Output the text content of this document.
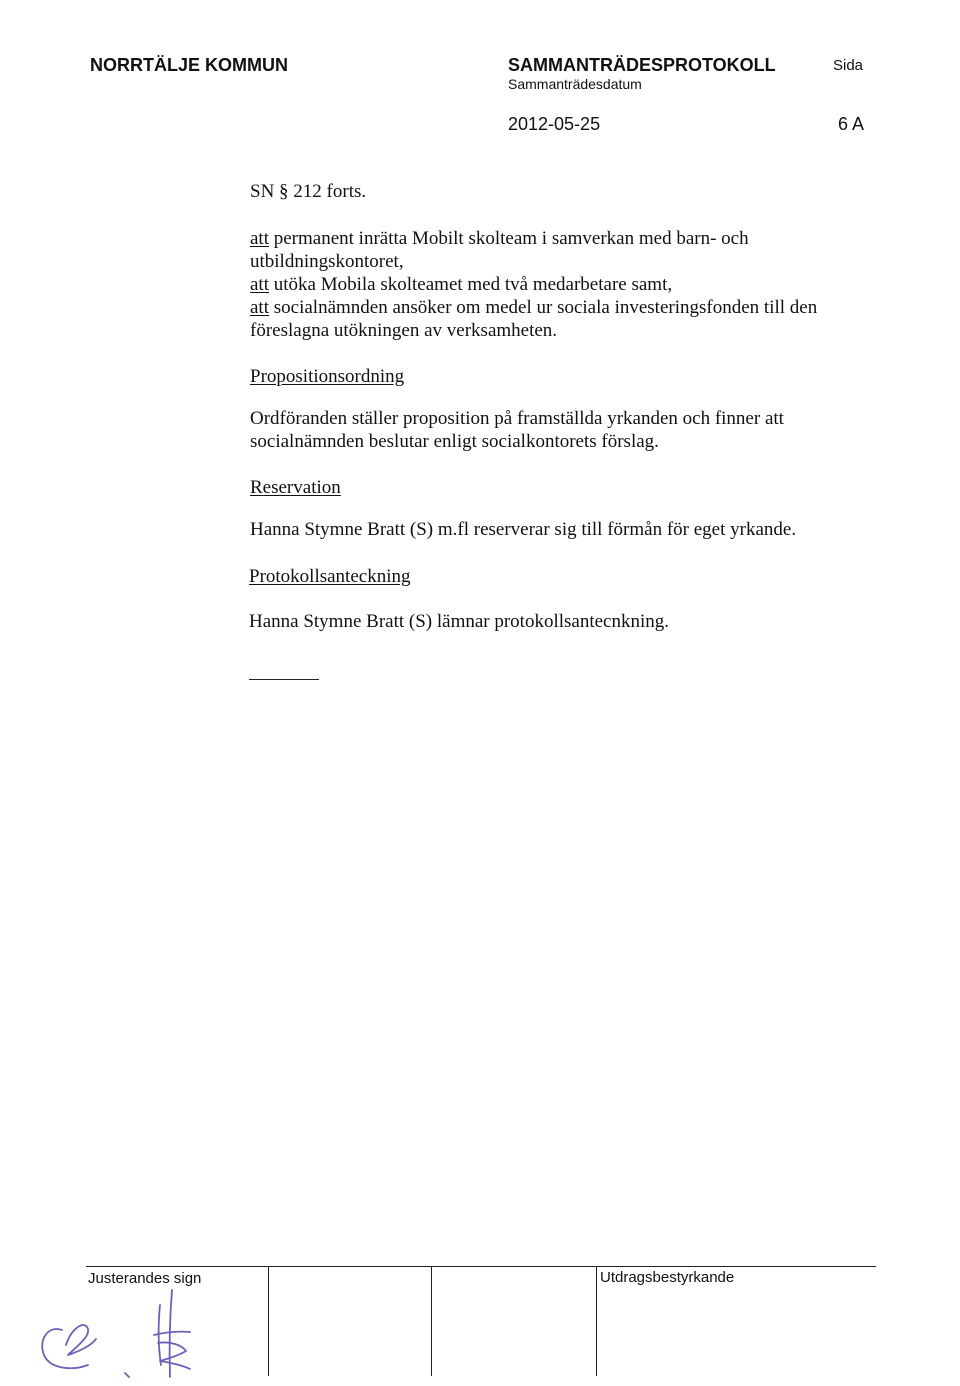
NORRTÄLJE KOMMUN	SAMMANTRÄDESPROTOKOLL	Sida
Sammanträdesdatum
2012-05-25	6 A
SN § 212 forts.
att permanent inrätta Mobilt skolteam i samverkan med barn- och
utbildningskontoret,
att utöka Mobila skolteamet med två medarbetare samt,
att socialnämnden ansöker om medel ur sociala investeringsfonden till den
föreslagna utökningen av verksamheten.
Propositionsordning
Ordföranden ställer proposition på framställda yrkanden och finner att
socialnämnden beslutar enligt socialkontorets förslag.
Reservation
Hanna Stymne Bratt (S) m.fl reserverar sig till förmån för eget yrkande.
Protokollsanteckning
Hanna Stymne Bratt (S) lämnar protokollsantecnkning.
Justerandes sign	Utdragsbestyrkande
